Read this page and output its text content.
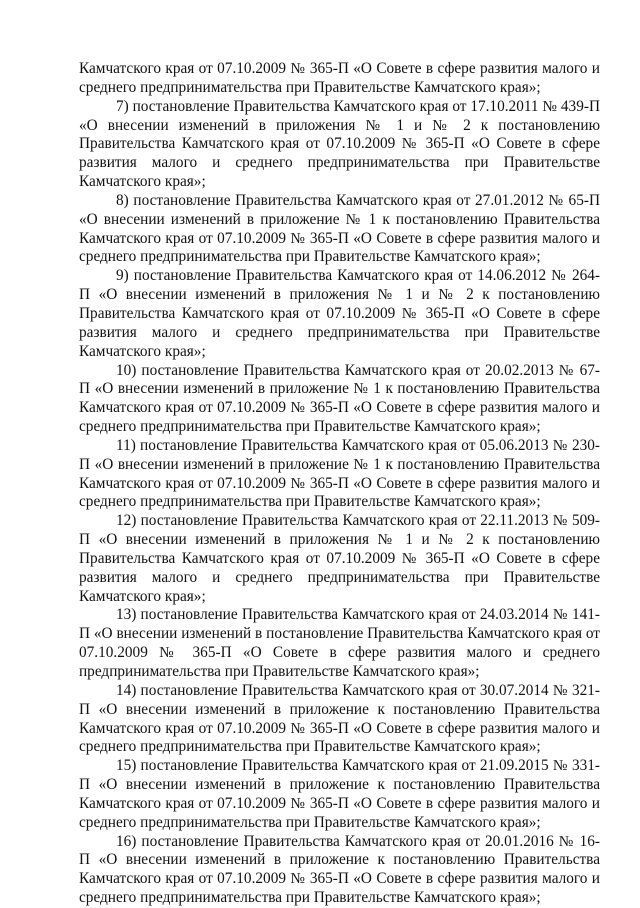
Камчатского края от 07.10.2009 № 365-П «О Совете в сфере развития малого и среднего предпринимательства при Правительстве Камчатского края»;

7) постановление Правительства Камчатского края от 17.10.2011 № 439-П «О внесении изменений в приложения № 1 и № 2 к постановлению Правительства Камчатского края от 07.10.2009 № 365-П «О Совете в сфере развития малого и среднего предпринимательства при Правительстве Камчатского края»;

8) постановление Правительства Камчатского края от 27.01.2012 № 65-П «О внесении изменений в приложение № 1 к постановлению Правительства Камчатского края от 07.10.2009 № 365-П «О Совете в сфере развития малого и среднего предпринимательства при Правительстве Камчатского края»;

9) постановление Правительства Камчатского края от 14.06.2012 № 264-П «О внесении изменений в приложения № 1 и № 2 к постановлению Правительства Камчатского края от 07.10.2009 № 365-П «О Совете в сфере развития малого и среднего предпринимательства при Правительстве Камчатского края»;

10) постановление Правительства Камчатского края от 20.02.2013 № 67-П «О внесении изменений в приложение № 1 к постановлению Правительства Камчатского края от 07.10.2009 № 365-П «О Совете в сфере развития малого и среднего предпринимательства при Правительстве Камчатского края»;

11) постановление Правительства Камчатского края от 05.06.2013 № 230-П «О внесении изменений в приложение № 1 к постановлению Правительства Камчатского края от 07.10.2009 № 365-П «О Совете в сфере развития малого и среднего предпринимательства при Правительстве Камчатского края»;

12) постановление Правительства Камчатского края от 22.11.2013 № 509-П «О внесении изменений в приложения № 1 и № 2 к постановлению Правительства Камчатского края от 07.10.2009 № 365-П «О Совете в сфере развития малого и среднего предпринимательства при Правительстве Камчатского края»;

13) постановление Правительства Камчатского края от 24.03.2014 № 141-П «О внесении изменений в постановление Правительства Камчатского края от 07.10.2009 № 365-П «О Совете в сфере развития малого и среднего предпринимательства при Правительстве Камчатского края»;

14) постановление Правительства Камчатского края от 30.07.2014 № 321-П «О внесении изменений в приложение к постановлению Правительства Камчатского края от 07.10.2009 № 365-П «О Совете в сфере развития малого и среднего предпринимательства при Правительстве Камчатского края»;

15) постановление Правительства Камчатского края от 21.09.2015 № 331-П «О внесении изменений в приложение к постановлению Правительства Камчатского края от 07.10.2009 № 365-П «О Совете в сфере развития малого и среднего предпринимательства при Правительстве Камчатского края»;

16) постановление Правительства Камчатского края от 20.01.2016 № 16-П «О внесении изменений в приложение к постановлению Правительства Камчатского края от 07.10.2009 № 365-П «О Совете в сфере развития малого и среднего предпринимательства при Правительстве Камчатского края»;
